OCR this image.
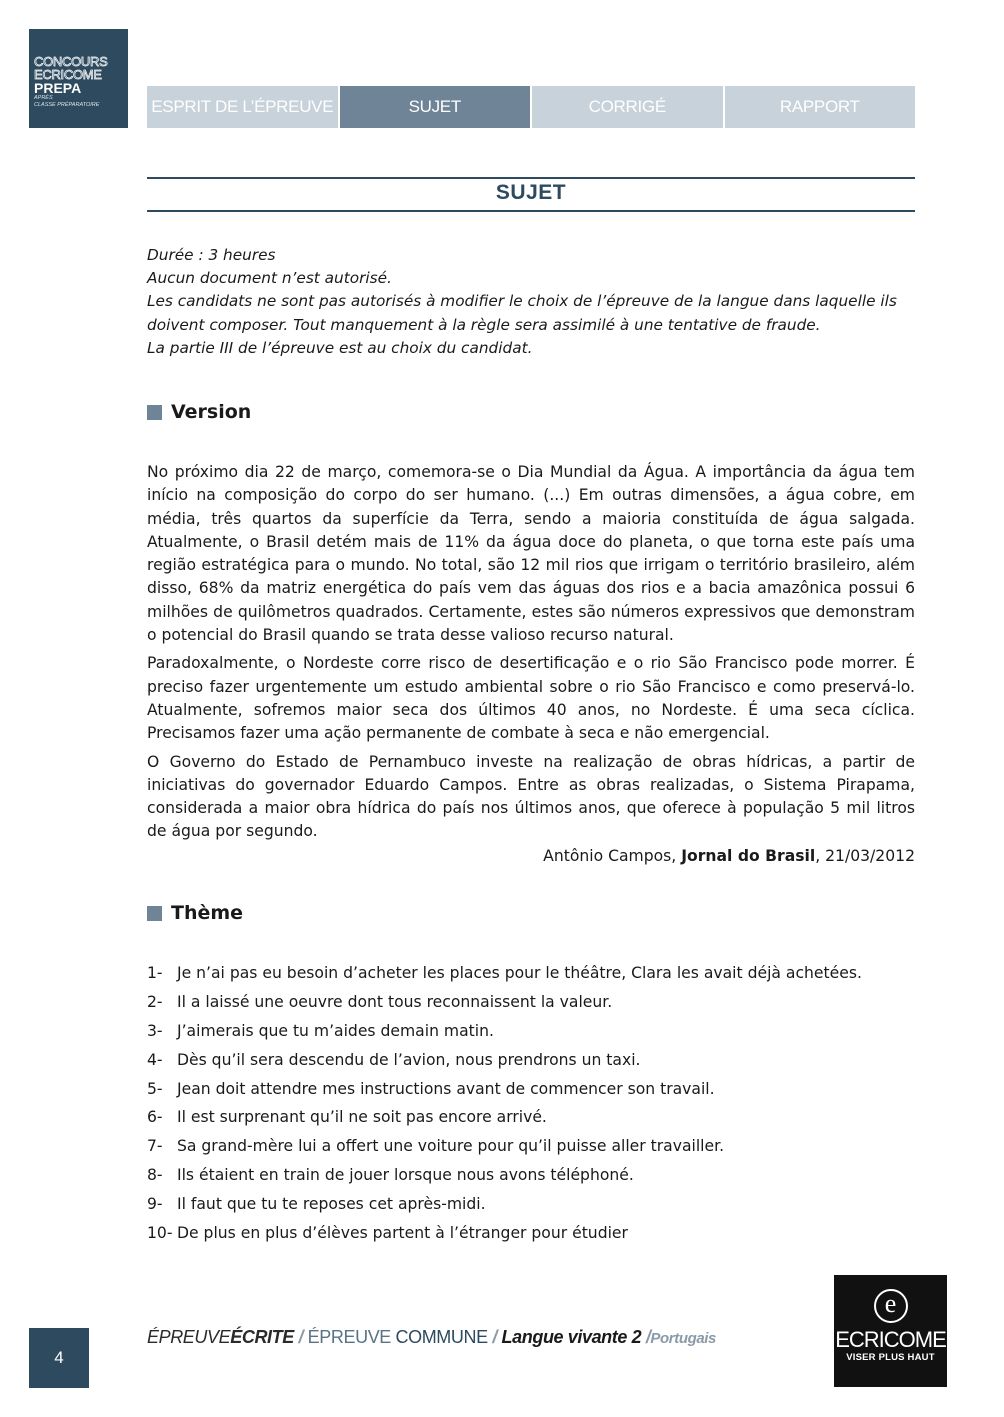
CONCOURS
ECRICOME
PREPA
APRÈS
CLASSE PRÉPARATOIRE	ESPRIT DE L’ÉPREUVE	SUJET	CORRIGÉ	RAPPORT
SUJET
Durée : 3 heures
Aucun document n’est autorisé.
Les candidats ne sont pas autorisés à modifier le choix de l’épreuve de la langue dans laquelle ils doivent composer. Tout manquement à la règle sera assimilé à une tentative de fraude.
La partie III de l’épreuve est au choix du candidat.
Version

No próximo dia 22 de março, comemora-se o Dia Mundial da Água. A importância da água tem início na composição do corpo do ser humano. (...) Em outras dimensões, a água cobre, em média, três quartos da superfície da Terra, sendo a maioria constituída de água salgada. Atualmente, o Brasil detém mais de 11% da água doce do planeta, o que torna este país uma região estratégica para o mundo. No total, são 12 mil rios que irrigam o território brasileiro, além disso, 68% da matriz energética do país vem das águas dos rios e a bacia amazônica possui 6 milhões de quilômetros quadrados. Certamente, estes são números expressivos que demonstram o potencial do Brasil quando se trata desse valioso recurso natural.

Paradoxalmente, o Nordeste corre risco de desertificação e o rio São Francisco pode morrer. É preciso fazer urgentemente um estudo ambiental sobre o rio São Francisco e como preservá-lo. Atualmente, sofremos maior seca dos últimos 40 anos, no Nordeste. É uma seca cíclica. Precisamos fazer uma ação permanente de combate à seca e não emergencial.

O Governo do Estado de Pernambuco investe na realização de obras hídricas, a partir de iniciativas do governador Eduardo Campos. Entre as obras realizadas, o Sistema Pirapama, considerada a maior obra hídrica do país nos últimos anos, que oferece à população 5 mil litros de água por segundo.

Antônio Campos, Jornal do Brasil, 21/03/2012
Thème
1- Je n’ai pas eu besoin d’acheter les places pour le théâtre, Clara les avait déjà achetées.
2- Il a laissé une oeuvre dont tous reconnaissent la valeur.
3- J’aimerais que tu m’aides demain matin.
4- Dès qu’il sera descendu de l’avion, nous prendrons un taxi.
5- Jean doit attendre mes instructions avant de commencer son travail.
6- Il est surprenant qu’il ne soit pas encore arrivé.
7- Sa grand-mère lui a offert une voiture pour qu’il puisse aller travailler.
8- Ils étaient en train de jouer lorsque nous avons téléphoné.
9- Il faut que tu te reposes cet après-midi.
10- De plus en plus d’élèves partent à l’étranger pour étudier
4
ÉPREUVEÉCRITE / ÉPREUVE COMMUNE / Langue vivante 2 /Portugais
e
ECRICOME
VISER PLUS HAUT
